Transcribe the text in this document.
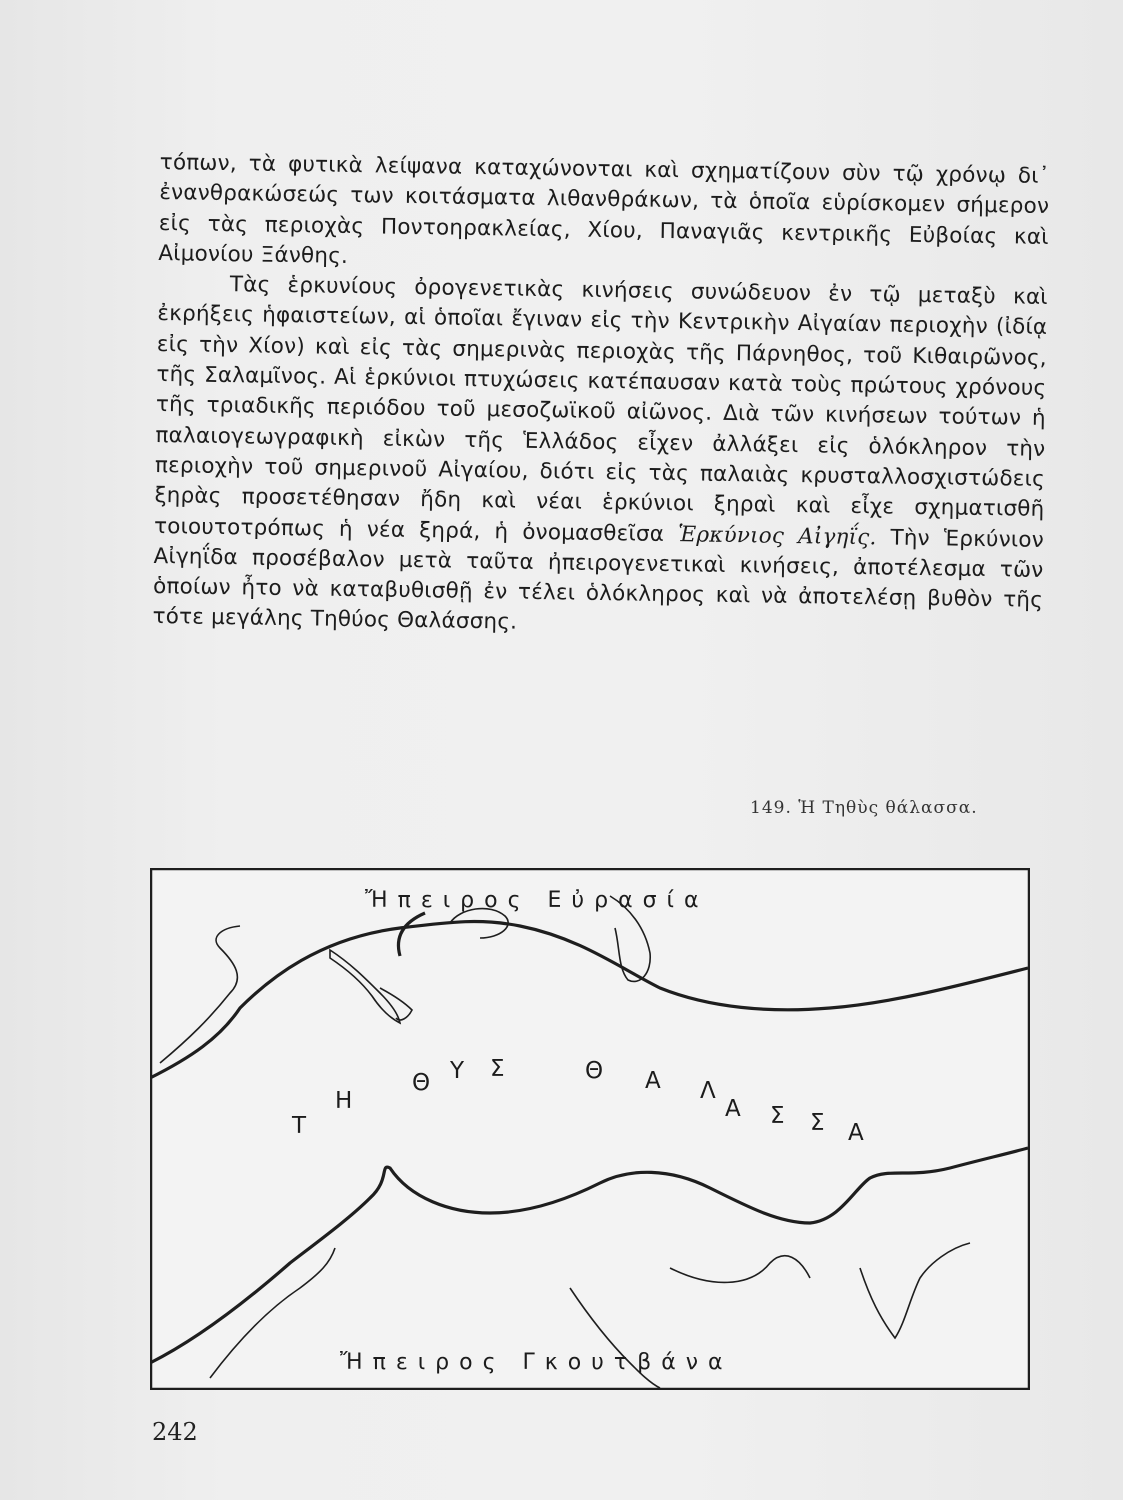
τόπων, τὰ φυτικὰ λείψανα καταχώνονται καὶ σχηματίζουν σὺν τῷ χρόνῳ δι᾽ ἐνανθρακώσεώς των κοιτάσματα λιθανθράκων, τὰ ὁποῖα εὑρίσκομεν σήμερον εἰς τὰς περιοχὰς Ποντοηρακλείας, Χίου, Παναγιᾶς κεντρικῆς Εὐβοίας καὶ Αἰμονίου Ξάνθης.

Τὰς ἑρκυνίους ὀρογενετικὰς κινήσεις συνώδευον ἐν τῷ μεταξὺ καὶ ἐκρήξεις ἡφαιστείων, αἱ ὁποῖαι ἔγιναν εἰς τὴν Κεντρικὴν Αἰγαίαν περιοχὴν (ἰδίᾳ εἰς τὴν Χίον) καὶ εἰς τὰς σημερινὰς περιοχὰς τῆς Πάρνηθος, τοῦ Κιθαιρῶνος, τῆς Σαλαμῖνος. Αἱ ἑρκύνιοι πτυχώσεις κατέπαυσαν κατὰ τοὺς πρώτους χρόνους τῆς τριαδικῆς περιόδου τοῦ μεσοζωϊκοῦ αἰῶνος. Διὰ τῶν κινήσεων τούτων ἡ παλαιογεωγραφικὴ εἰκὼν τῆς Ἑλλάδος εἶχεν ἀλλάξει εἰς ὁλόκληρον τὴν περιοχὴν τοῦ σημερινοῦ Αἰγαίου, διότι εἰς τὰς παλαιὰς κρυσταλλοσχιστώδεις ξηρὰς προσετέθησαν ἤδη καὶ νέαι ἑρκύνιοι ξηραὶ καὶ εἶχε σχηματισθῆ τοιουτοτρόπως ἡ νέα ξηρά, ἡ ὀνομασθεῖσα Ἑρκύνιος Αἰγηΐς. Τὴν Ἑρκύνιον Αἰγηΐδα προσέβαλον μετὰ ταῦτα ἠπειρογενετικαὶ κινήσεις, ἀποτέλεσμα τῶν ὁποίων ἦτο νὰ καταβυθισθῇ ἐν τέλει ὁλόκληρος καὶ νὰ ἀποτελέσῃ βυθὸν τῆς τότε μεγάλης Τηθύος Θαλάσσης.

149. Ἡ Τηθὺς θάλασσα.
Ἤπειρος Εὐρασία
Ἤπειρος Γκουτβάνα
Τ
Η
Θ Υ Σ	Θ Α Λ
Α Σ Σ Α
242
